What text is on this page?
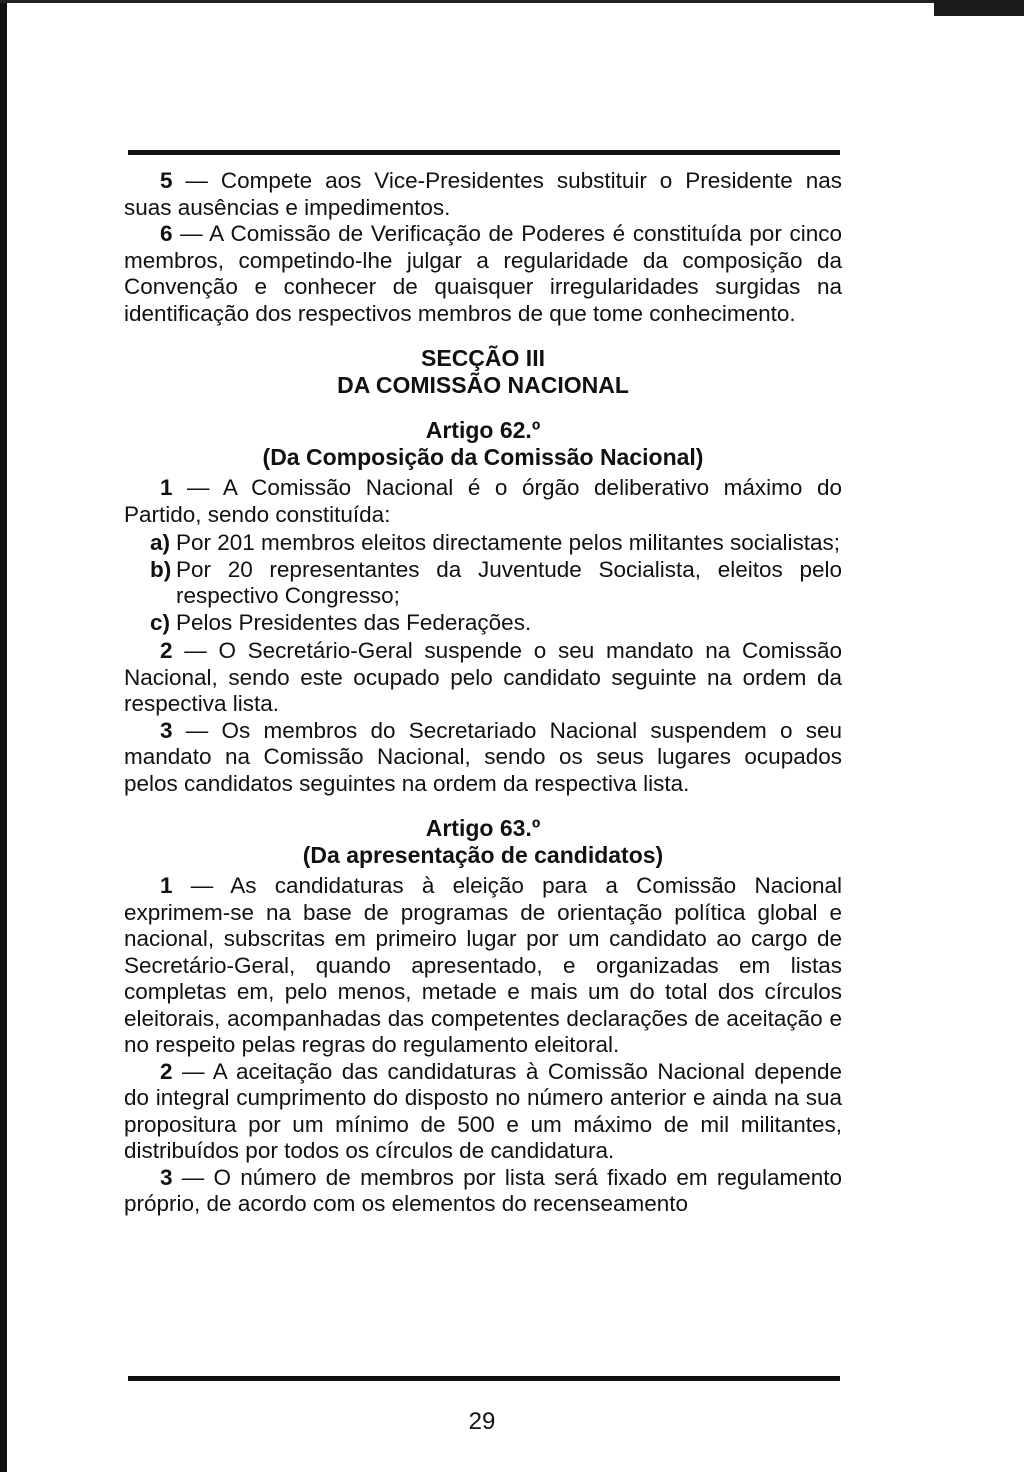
5 — Compete aos Vice-Presidentes substituir o Presidente nas suas ausências e impedimentos.

6 — A Comissão de Verificação de Poderes é constituída por cinco membros, competindo-lhe julgar a regularidade da composição da Convenção e conhecer de quaisquer irregularidades surgidas na identificação dos respectivos membros de que tome conhecimento.

SECÇÃO III

DA COMISSÃO NACIONAL

Artigo 62.º

(Da Composição da Comissão Nacional)

1 — A Comissão Nacional é o órgão deliberativo máximo do Partido, sendo constituída:

a) Por 201 membros eleitos directamente pelos militantes socialistas;
b) Por 20 representantes da Juventude Socialista, eleitos pelo respectivo Congresso;
c) Pelos Presidentes das Federações.

2 — O Secretário-Geral suspende o seu mandato na Comissão Nacional, sendo este ocupado pelo candidato seguinte na ordem da respectiva lista.

3 — Os membros do Secretariado Nacional suspendem o seu mandato na Comissão Nacional, sendo os seus lugares ocupados pelos candidatos seguintes na ordem da respectiva lista.

Artigo 63.º

(Da apresentação de candidatos)

1 — As candidaturas à eleição para a Comissão Nacional exprimem-se na base de programas de orientação política global e nacional, subscritas em primeiro lugar por um candidato ao cargo de Secretário-Geral, quando apresentado, e organizadas em listas completas em, pelo menos, metade e mais um do total dos círculos eleitorais, acompanhadas das competentes declarações de aceitação e no respeito pelas regras do regulamento eleitoral.

2 — A aceitação das candidaturas à Comissão Nacional depende do integral cumprimento do disposto no número anterior e ainda na sua propositura por um mínimo de 500 e um máximo de mil militantes, distribuídos por todos os círculos de candidatura.

3 — O número de membros por lista será fixado em regulamento próprio, de acordo com os elementos do recenseamento

29
